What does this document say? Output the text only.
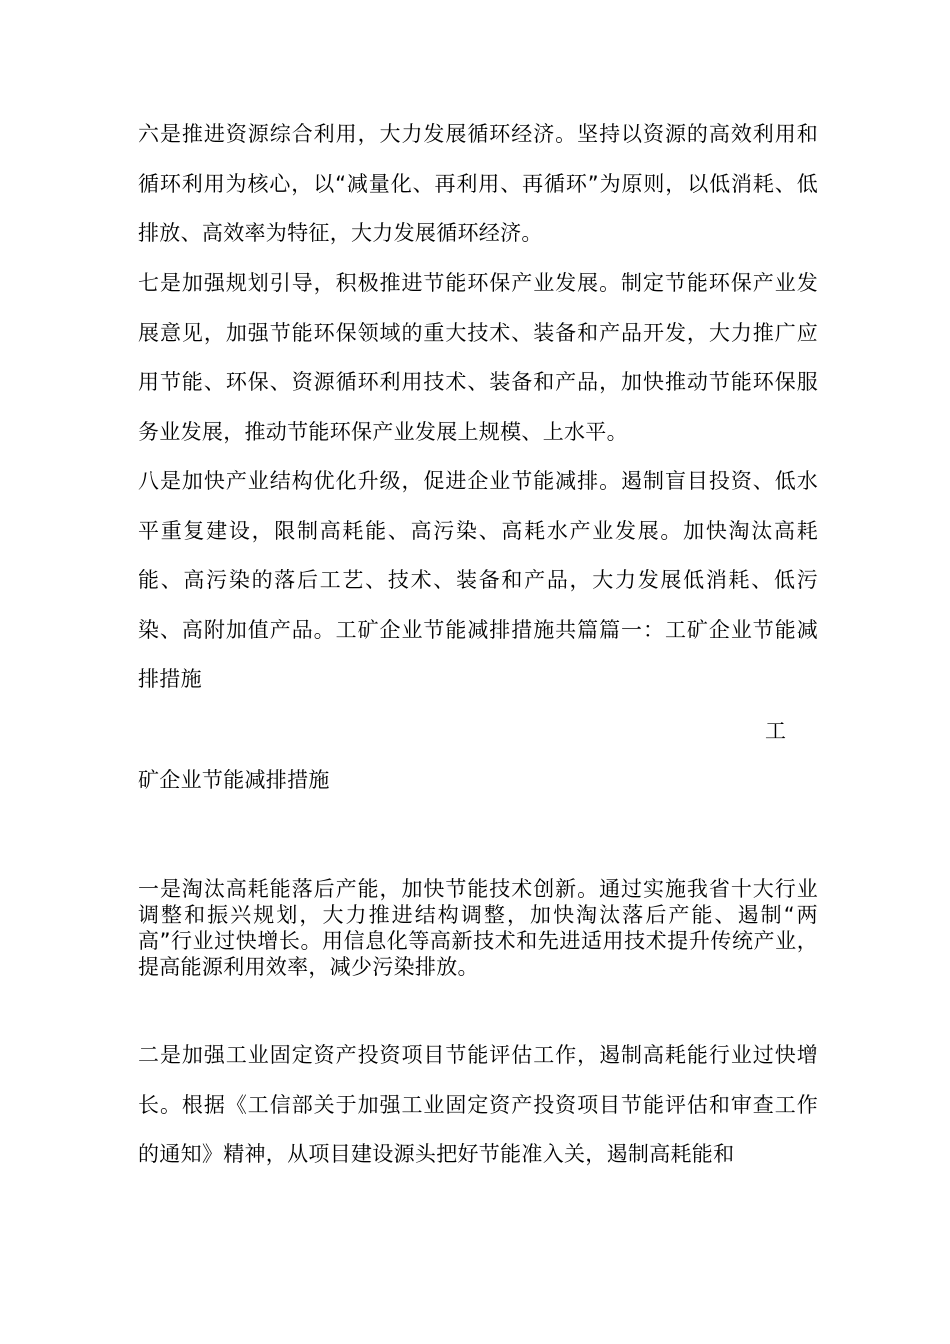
六是推进资源综合利用，大力发展循环经济。坚持以资源的高效利用和循环利用为核心，以“减量化、再利用、再循环”为原则，以低消耗、低排放、高效率为特征，大力发展循环经济。

七是加强规划引导，积极推进节能环保产业发展。制定节能环保产业发展意见，加强节能环保领域的重大技术、装备和产品开发，大力推广应用节能、环保、资源循环利用技术、装备和产品，加快推动节能环保服务业发展，推动节能环保产业发展上规模、上水平。

八是加快产业结构优化升级，促进企业节能减排。遏制盲目投资、低水平重复建设，限制高耗能、高污染、高耗水产业发展。加快淘汰高耗能、高污染的落后工艺、技术、装备和产品，大力发展低消耗、低污染、高附加值产品。工矿企业节能减排措施共篇篇一：工矿企业节能减排措施

工
矿企业节能减排措施

一是淘汰高耗能落后产能，加快节能技术创新。通过实施我省十大行业调整和振兴规划，大力推进结构调整，加快淘汰落后产能、遏制“两高”行业过快增长。用信息化等高新技术和先进适用技术提升传统产业，提高能源利用效率，减少污染排放。

二是加强工业固定资产投资项目节能评估工作，遏制高耗能行业过快增长。根据《工信部关于加强工业固定资产投资项目节能评估和审查工作的通知》精神，从项目建设源头把好节能准入关，遏制高耗能和
